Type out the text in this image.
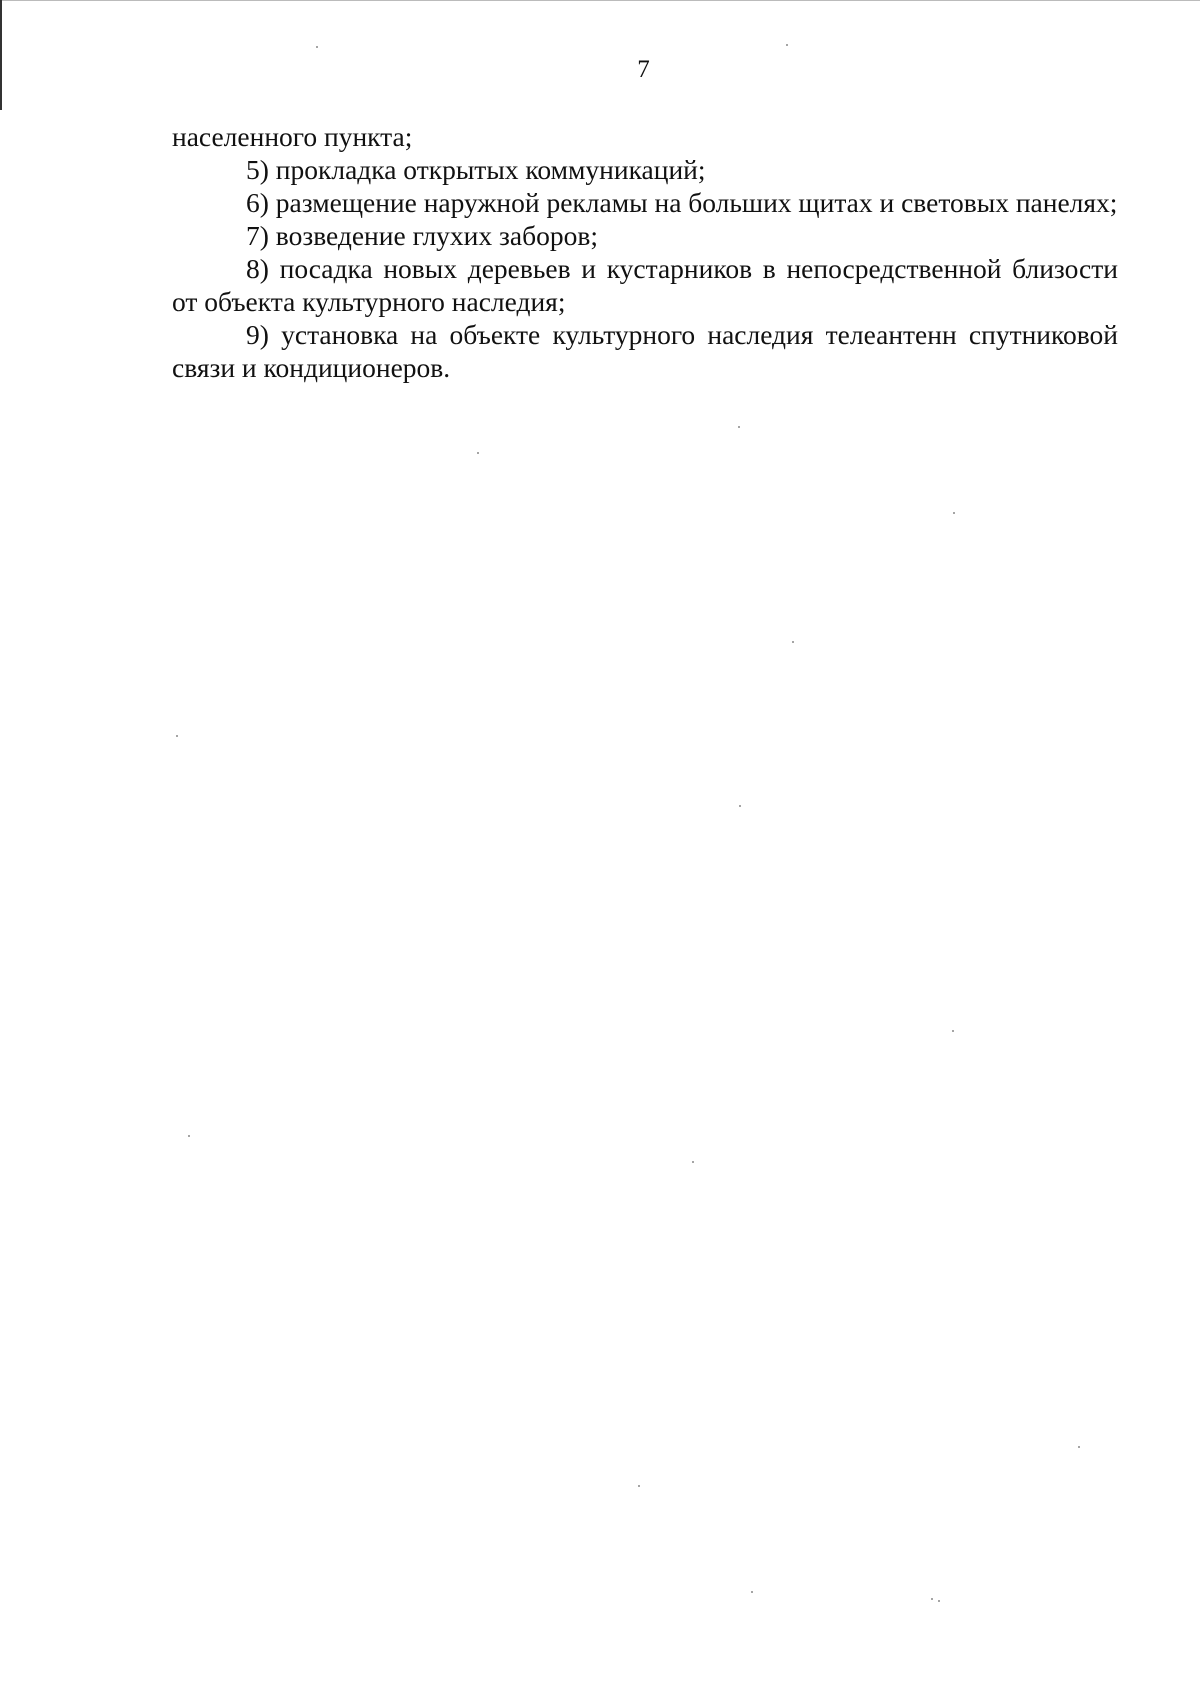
7

населенного пункта;

5) прокладка открытых коммуникаций;

6) размещение наружной рекламы на больших щитах и световых панелях;

7) возведение глухих заборов;

8) посадка новых деревьев и кустарников в непосредственной близости от объекта культурного наследия;

9) установка на объекте культурного наследия телеантенн спутниковой связи и кондиционеров.
